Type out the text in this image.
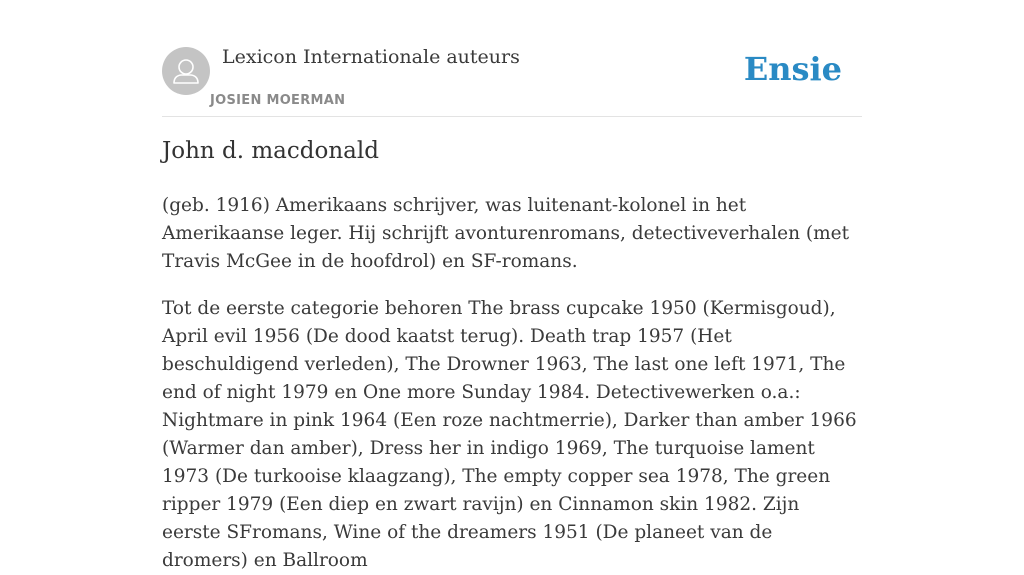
Lexicon Internationale auteurs
JOSIEN MOERMAN
Ensie
John d. macdonald

(geb. 1916) Amerikaans schrijver, was luitenant-kolonel in het Amerikaanse leger. Hij schrijft avonturenromans, detectiveverhalen (met Travis McGee in de hoofdrol) en SF-romans.

Tot de eerste categorie behoren The brass cupcake 1950 (Kermisgoud), April evil 1956 (De dood kaatst terug). Death trap 1957 (Het beschuldigend verleden), The Drowner 1963, The last one left 1971, The end of night 1979 en One more Sunday 1984. Detectivewerken o.a.: Nightmare in pink 1964 (Een roze nachtmerrie), Darker than amber 1966 (Warmer dan amber), Dress her in indigo 1969, The turquoise lament 1973 (De turkooise klaagzang), The empty copper sea 1978, The green ripper 1979 (Een diep en zwart ravijn) en Cinnamon skin 1982. Zijn eerste SFromans, Wine of the dreamers 1951 (De planeet van de dromers) en Ballroom
